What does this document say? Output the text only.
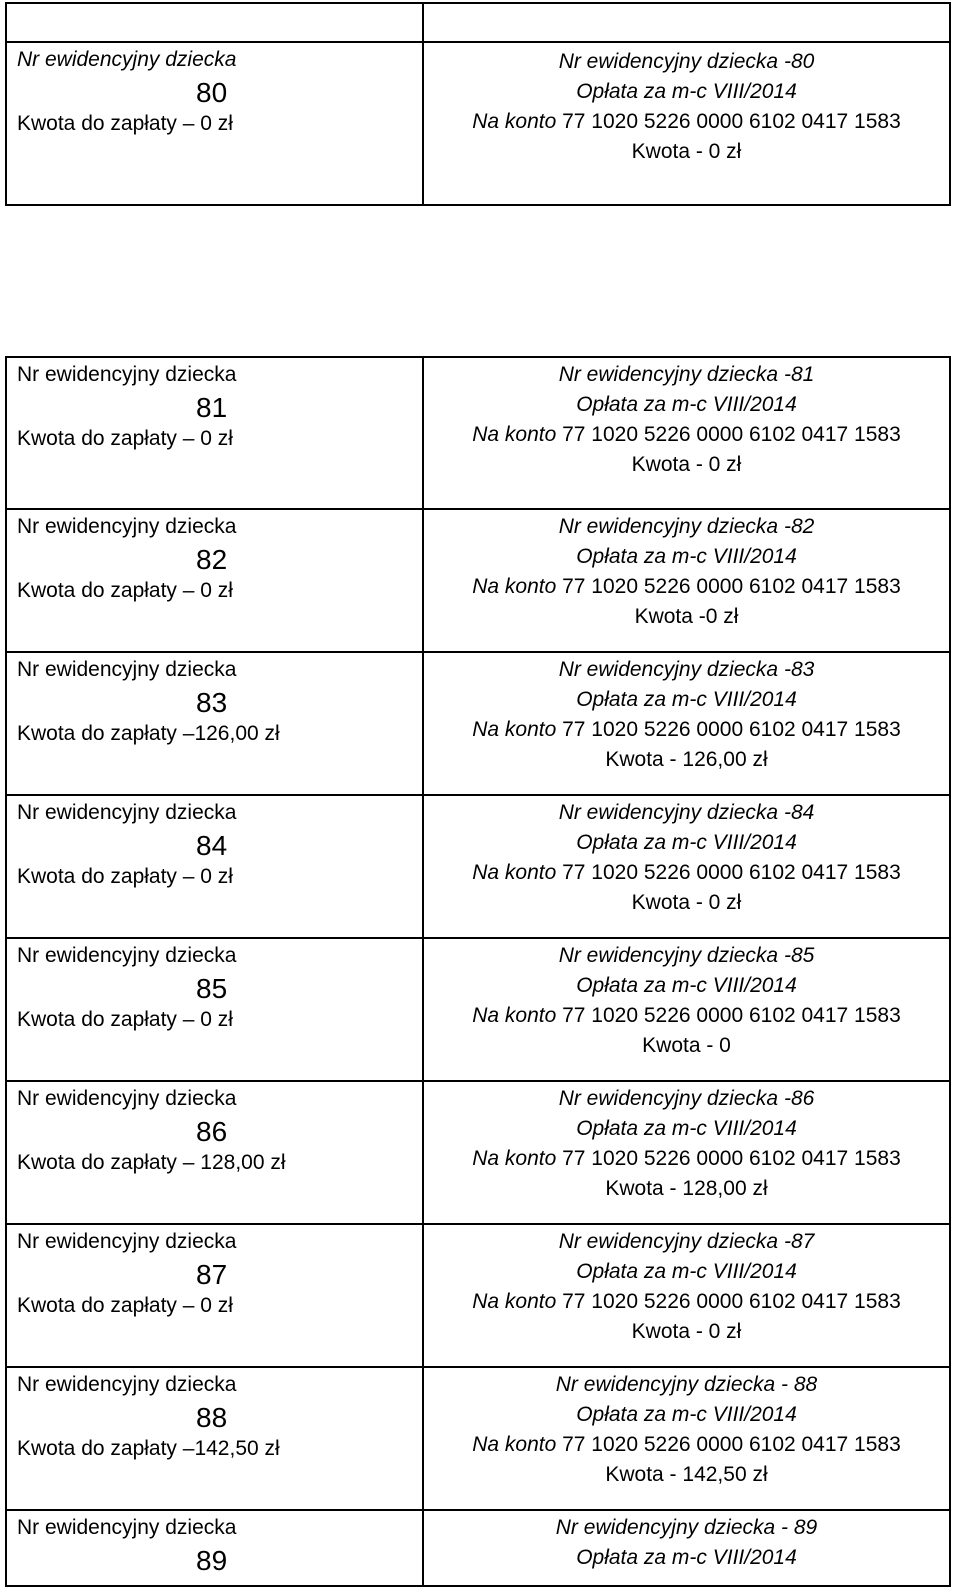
Nr ewidencyjny dziecka
80
Kwota do zapłaty – 0 zł	Nr ewidencyjny dziecka -80
Opłata za m-c VIII/2014
Na konto 77 1020 5226 0000 6102 0417 1583
Kwota - 0 zł
Nr ewidencyjny dziecka
81
Kwota do zapłaty – 0 zł	Nr ewidencyjny dziecka -81
Opłata za m-c VIII/2014
Na konto 77 1020 5226 0000 6102 0417 1583
Kwota - 0 zł

Nr ewidencyjny dziecka
82
Kwota do zapłaty – 0 zł	Nr ewidencyjny dziecka -82
Opłata za m-c VIII/2014
Na konto 77 1020 5226 0000 6102 0417 1583
Kwota -0 zł

Nr ewidencyjny dziecka
83
Kwota do zapłaty –126,00 zł	Nr ewidencyjny dziecka -83
Opłata za m-c VIII/2014
Na konto 77 1020 5226 0000 6102 0417 1583
Kwota - 126,00 zł

Nr ewidencyjny dziecka
84
Kwota do zapłaty – 0 zł	Nr ewidencyjny dziecka -84
Opłata za m-c VIII/2014
Na konto 77 1020 5226 0000 6102 0417 1583
Kwota - 0 zł

Nr ewidencyjny dziecka
85
Kwota do zapłaty – 0 zł	Nr ewidencyjny dziecka -85
Opłata za m-c VIII/2014
Na konto 77 1020 5226 0000 6102 0417 1583
Kwota - 0

Nr ewidencyjny dziecka
86
Kwota do zapłaty – 128,00 zł	Nr ewidencyjny dziecka -86
Opłata za m-c VIII/2014
Na konto 77 1020 5226 0000 6102 0417 1583
Kwota - 128,00 zł

Nr ewidencyjny dziecka
87
Kwota do zapłaty – 0 zł	Nr ewidencyjny dziecka -87
Opłata za m-c VIII/2014
Na konto 77 1020 5226 0000 6102 0417 1583
Kwota - 0 zł

Nr ewidencyjny dziecka
88
Kwota do zapłaty –142,50 zł	Nr ewidencyjny dziecka - 88
Opłata za m-c VIII/2014
Na konto 77 1020 5226 0000 6102 0417 1583
Kwota - 142,50 zł

Nr ewidencyjny dziecka
89	Nr ewidencyjny dziecka - 89
Opłata za m-c VIII/2014
